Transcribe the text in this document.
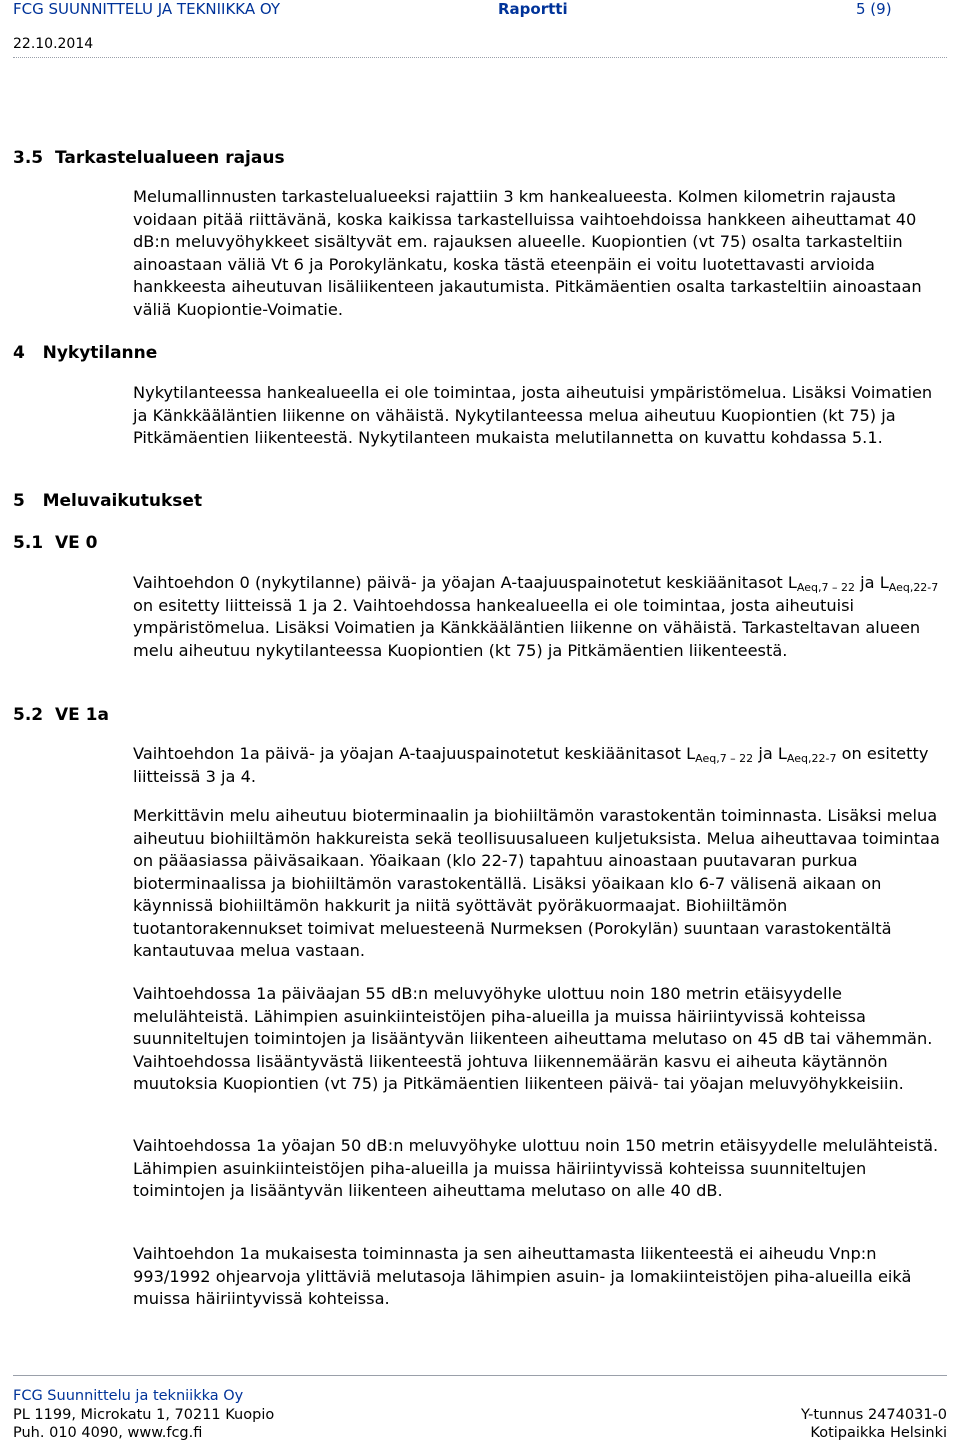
FCG SUUNNITTELU JA TEKNIIKKA OY	Raportti	5 (9)
22.10.2014
3.5 Tarkastelualueen rajaus
4 Nykytilanne
5 Meluvaikutukset
5.1 VE 0
5.2 VE 1a

Melumallinnusten tarkastelualueeksi rajattiin 3 km hankealueesta. Kolmen kilometrin rajausta voidaan pitää riittävänä, koska kaikissa tarkastelluissa vaihtoehdoissa hankkeen aiheuttamat 40 dB:n meluvyöhykkeet sisältyvät em. rajauksen alueelle. Kuopiontien (vt 75) osalta tarkasteltiin ainoastaan väliä Vt 6 ja Porokylänkatu, koska tästä eteenpäin ei voitu luotettavasti arvioida hankkeesta aiheutuvan lisäliikenteen jakautumista. Pitkämäentien osalta tarkasteltiin ainoastaan väliä Kuopiontie-Voimatie.

Nykytilanteessa hankealueella ei ole toimintaa, josta aiheutuisi ympäristömelua. Lisäksi Voimatien ja Känkkääläntien liikenne on vähäistä. Nykytilanteessa melua aiheutuu Kuopiontien (kt 75) ja Pitkämäentien liikenteestä. Nykytilanteen mukaista melutilannetta on kuvattu kohdassa 5.1.

Vaihtoehdon 0 (nykytilanne) päivä- ja yöajan A-taajuuspainotetut keskiäänitasot $L_{Aeq,7 - 22}$ ja $L_{Aeq,22-7}$ on esitetty liitteissä 1 ja 2. Vaihtoehdossa hankealueella ei ole toimintaa, josta aiheutuisi ympäristömelua. Lisäksi Voimatien ja Känkkääläntien liikenne on vähäistä. Tarkasteltavan alueen melu aiheutuu nykytilanteessa Kuopiontien (kt 75) ja Pitkämäentien liikenteestä.

Vaihtoehdon 1a päivä- ja yöajan A-taajuuspainotetut keskiäänitasot $L_{Aeq,7 - 22}$ ja $L_{Aeq,22-7}$ on esitetty liitteissä 3 ja 4.

Merkittävin melu aiheutuu bioterminaalin ja biohiiltämön varastokentän toiminnasta. Lisäksi melua aiheutuu biohiiltämön hakkureista sekä teollisuusalueen kuljetuksista. Melua aiheuttavaa toimintaa on pääasiassa päiväsaikaan. Yöaikaan (klo 22-7) tapahtuu ainoastaan puutavaran purkua bioterminaalissa ja biohiiltämön varastokentällä. Lisäksi yöaikaan klo 6-7 välisenä aikaan on käynnissä biohiiltämön hakkurit ja niitä syöttävät pyöräkuormaajat. Biohiiltämön tuotantorakennukset toimivat meluesteenä Nurmeksen (Porokylän) suuntaan varastokentältä kantautuvaa melua vastaan.

Vaihtoehdossa 1a päiväajan 55 dB:n meluvyöhyke ulottuu noin 180 metrin etäisyydelle melulähteistä. Lähimpien asuinkiinteistöjen piha-alueilla ja muissa häiriintyvissä kohteissa suunniteltujen toimintojen ja lisääntyvän liikenteen aiheuttama melutaso on 45 dB tai vähemmän. Vaihtoehdossa lisääntyvästä liikenteestä johtuva liikennemäärän kasvu ei aiheuta käytännön muutoksia Kuopiontien (vt 75) ja Pitkämäentien liikenteen päivä- tai yöajan meluvyöhykkeisiin.

Vaihtoehdossa 1a yöajan 50 dB:n meluvyöhyke ulottuu noin 150 metrin etäisyydelle melulähteistä. Lähimpien asuinkiinteistöjen piha-alueilla ja muissa häiriintyvissä kohteissa suunniteltujen toimintojen ja lisääntyvän liikenteen aiheuttama melutaso on alle 40 dB.

Vaihtoehdon 1a mukaisesta toiminnasta ja sen aiheuttamasta liikenteestä ei aiheudu Vnp:n 993/1992 ohjearvoja ylittäviä melutasoja lähimpien asuin- ja lomakiinteistöjen piha-alueilla eikä muissa häiriintyvissä kohteissa.

FCG Suunnittelu ja tekniikka Oy
PL 1199, Microkatu 1, 70211 Kuopio
Puh. 010 4090, www.fcg.fi
Y-tunnus 2474031-0
Kotipaikka Helsinki
